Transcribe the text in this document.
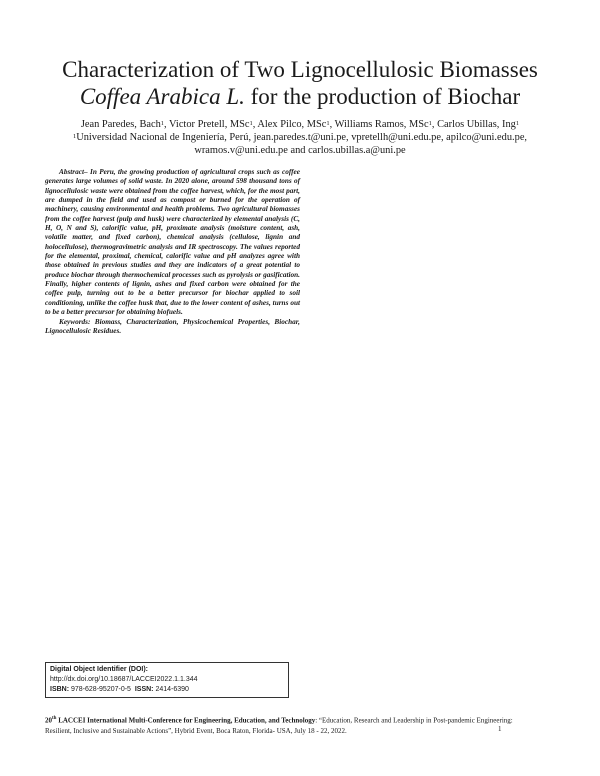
Characterization of Two Lignocellulosic Biomasses
Coffea Arabica L. for the production of Biochar
Jean Paredes, Bach$^1$, Victor Pretell, MSc$^1$, Alex Pilco, MSc$^1$, Williams Ramos, MSc$^1$, Carlos Ubillas, Ing$^1$
$^1$Universidad Nacional de Ingeniería, Perú, jean.paredes.t@uni.pe, vpretellh@uni.edu.pe, apilco@uni.edu.pe,
wramos.v@uni.edu.pe and carlos.ubillas.a@uni.pe

Abstract– In Peru, the growing production of agricultural crops such as coffee generates large volumes of solid waste. In 2020 alone, around 598 thousand tons of lignocellulosic waste were obtained from the coffee harvest, which, for the most part, are dumped in the field and used as compost or burned for the operation of machinery, causing environmental and health problems. Two agricultural biomasses from the coffee harvest (pulp and husk) were characterized by elemental analysis (C, H, O, N and S), calorific value, pH, proximate analysis (moisture content, ash, volatile matter, and fixed carbon), chemical analysis (cellulose, lignin and holocellulose), thermogravimetric analysis and IR spectroscopy. The values reported for the elemental, proximal, chemical, calorific value and pH analyzes agree with those obtained in previous studies and they are indicators of a great potential to produce biochar through thermochemical processes such as pyrolysis or gasification. Finally, higher contents of lignin, ashes and fixed carbon were obtained for the coffee pulp, turning out to be a better precursor for biochar applied to soil conditioning, unlike the coffee husk that, due to the lower content of ashes, turns out to be a better precursor for obtaining biofuels.

Keywords: Biomass, Characterization, Physicochemical Properties, Biochar, Lignocellulosic Residues.

Digital Object Identifier (DOI):
http://dx.doi.org/10.18687/LACCEI2022.1.1.344
ISBN: 978-628-95207-0-5 ISSN: 2414-6390
20th LACCEI International Multi-Conference for Engineering, Education, and Technology: “Education, Research and Leadership in Post-pandemic Engineering: Resilient, Inclusive and Sustainable Actions”, Hybrid Event, Boca Raton, Florida- USA, July 18 - 22, 2022.	1
